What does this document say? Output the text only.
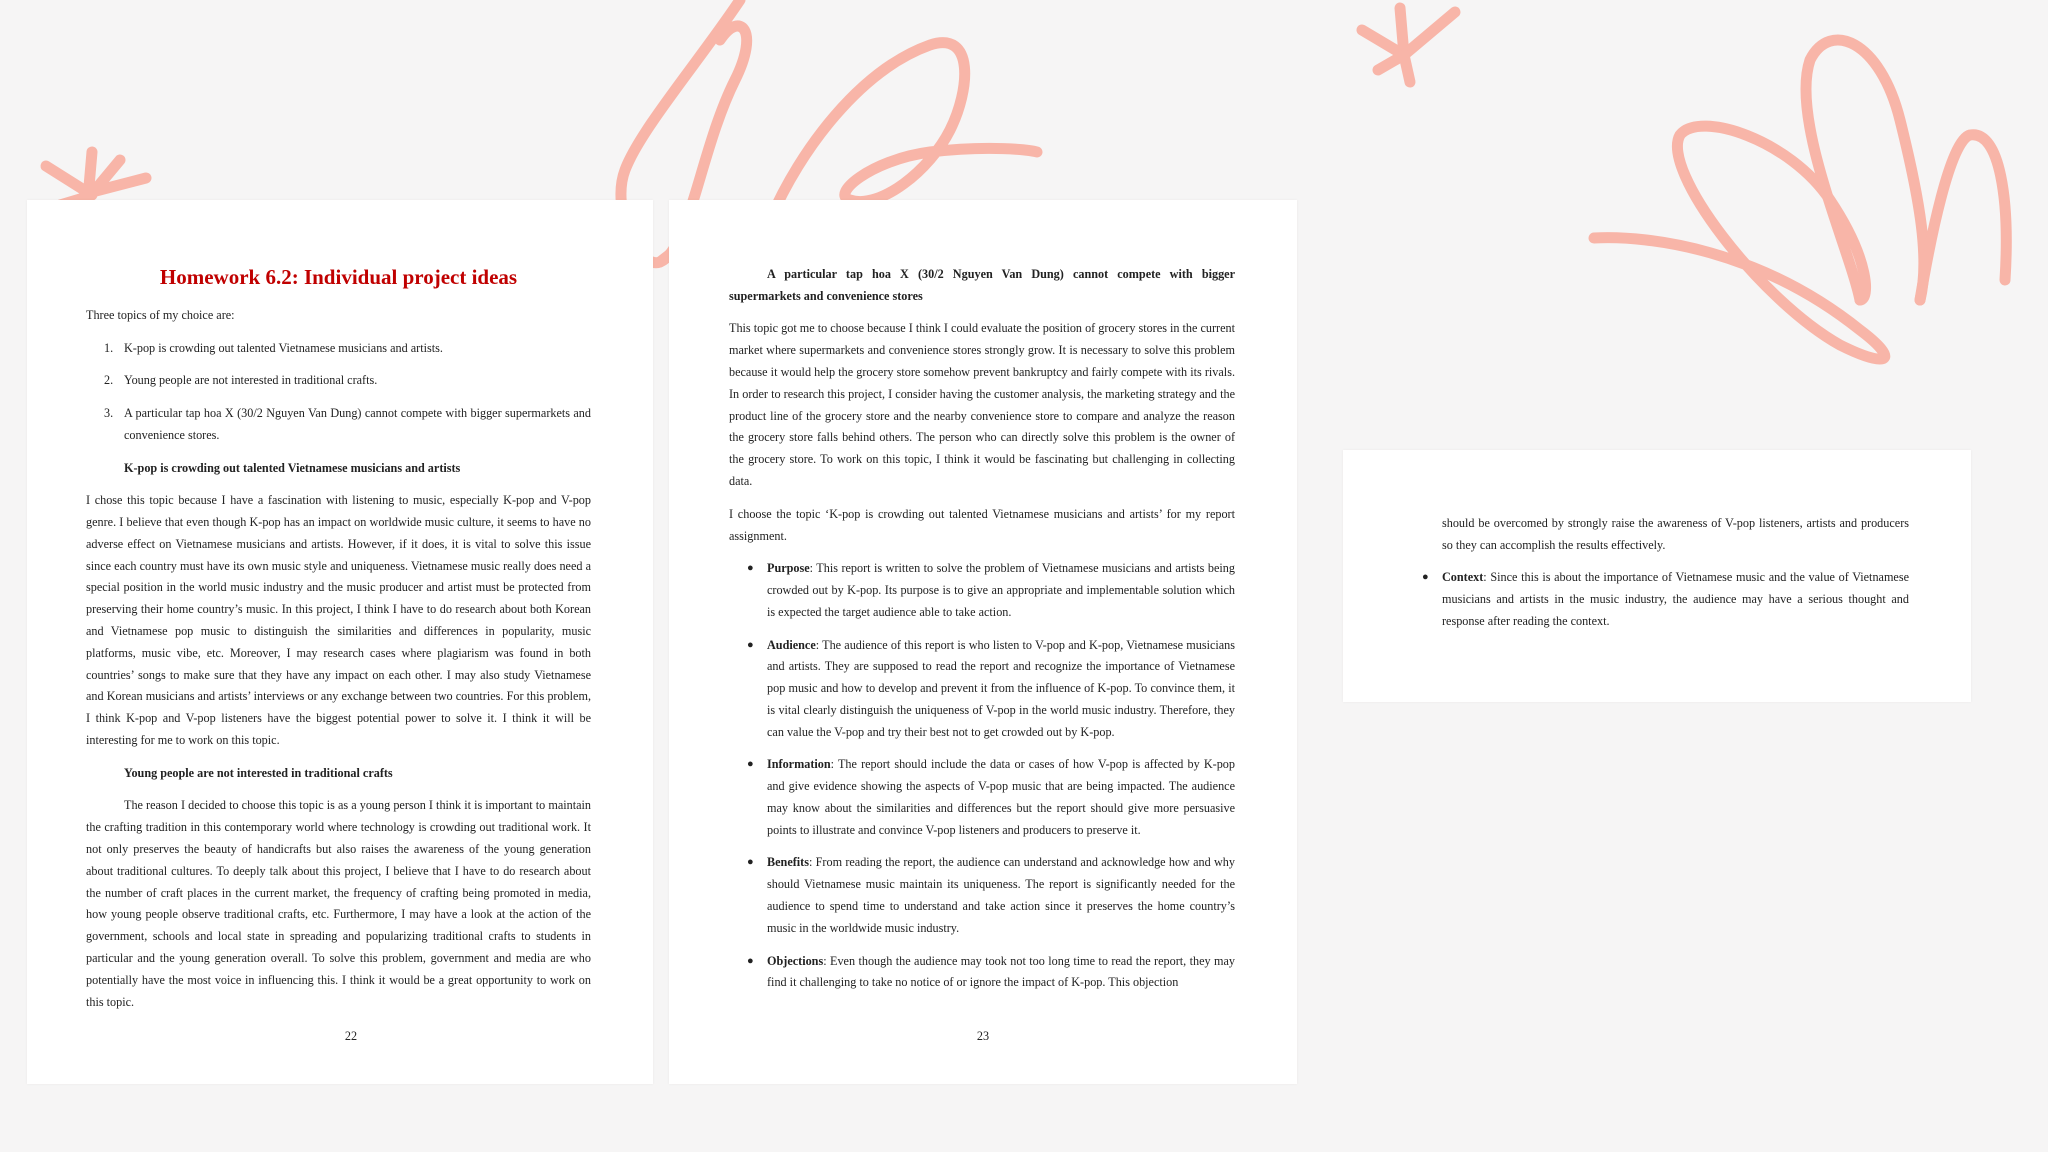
Homework 6.2: Individual project ideas

Three topics of my choice are:

1. K-pop is crowding out talented Vietnamese musicians and artists.
2. Young people are not interested in traditional crafts.
3. A particular tap hoa X (30/2 Nguyen Van Dung) cannot compete with bigger supermarkets and convenience stores.
K-pop is crowding out talented Vietnamese musicians and artists

I chose this topic because I have a fascination with listening to music, especially K-pop and V-pop genre. I believe that even though K-pop has an impact on worldwide music culture, it seems to have no adverse effect on Vietnamese musicians and artists. However, if it does, it is vital to solve this issue since each country must have its own music style and uniqueness. Vietnamese music really does need a special position in the world music industry and the music producer and artist must be protected from preserving their home country’s music. In this project, I think I have to do research about both Korean and Vietnamese pop music to distinguish the similarities and differences in popularity, music platforms, music vibe, etc. Moreover, I may research cases where plagiarism was found in both countries’ songs to make sure that they have any impact on each other. I may also study Vietnamese and Korean musicians and artists’ interviews or any exchange between two countries. For this problem, I think K-pop and V-pop listeners have the biggest potential power to solve it. I think it will be interesting for me to work on this topic.

Young people are not interested in traditional crafts

The reason I decided to choose this topic is as a young person I think it is important to maintain the crafting tradition in this contemporary world where technology is crowding out traditional work. It not only preserves the beauty of handicrafts but also raises the awareness of the young generation about traditional cultures. To deeply talk about this project, I believe that I have to do research about the number of craft places in the current market, the frequency of crafting being promoted in media, how young people observe traditional crafts, etc. Furthermore, I may have a look at the action of the government, schools and local state in spreading and popularizing traditional crafts to students in particular and the young generation overall. To solve this problem, government and media are who potentially have the most voice in influencing this. I think it would be a great opportunity to work on this topic.

22
A particular tap hoa X (30/2 Nguyen Van Dung) cannot compete with bigger supermarkets and convenience stores

This topic got me to choose because I think I could evaluate the position of grocery stores in the current market where supermarkets and convenience stores strongly grow. It is necessary to solve this problem because it would help the grocery store somehow prevent bankruptcy and fairly compete with its rivals. In order to research this project, I consider having the customer analysis, the marketing strategy and the product line of the grocery store and the nearby convenience store to compare and analyze the reason the grocery store falls behind others. The person who can directly solve this problem is the owner of the grocery store. To work on this topic, I think it would be fascinating but challenging in collecting data.

I choose the topic ‘K-pop is crowding out talented Vietnamese musicians and artists’ for my report assignment.

● Purpose: This report is written to solve the problem of Vietnamese musicians and artists being crowded out by K-pop. Its purpose is to give an appropriate and implementable solution which is expected the target audience able to take action.
● Audience: The audience of this report is who listen to V-pop and K-pop, Vietnamese musicians and artists. They are supposed to read the report and recognize the importance of Vietnamese pop music and how to develop and prevent it from the influence of K-pop. To convince them, it is vital clearly distinguish the uniqueness of V-pop in the world music industry. Therefore, they can value the V-pop and try their best not to get crowded out by K-pop.
● Information: The report should include the data or cases of how V-pop is affected by K-pop and give evidence showing the aspects of V-pop music that are being impacted. The audience may know about the similarities and differences but the report should give more persuasive points to illustrate and convince V-pop listeners and producers to preserve it.
● Benefits: From reading the report, the audience can understand and acknowledge how and why should Vietnamese music maintain its uniqueness. The report is significantly needed for the audience to spend time to understand and take action since it preserves the home country’s music in the worldwide music industry.
● Objections: Even though the audience may took not too long time to read the report, they may find it challenging to take no notice of or ignore the impact of K-pop. This objection
23

should be overcomed by strongly raise the awareness of V-pop listeners, artists and producers so they can accomplish the results effectively.

● Context: Since this is about the importance of Vietnamese music and the value of Vietnamese musicians and artists in the music industry, the audience may have a serious thought and response after reading the context.
